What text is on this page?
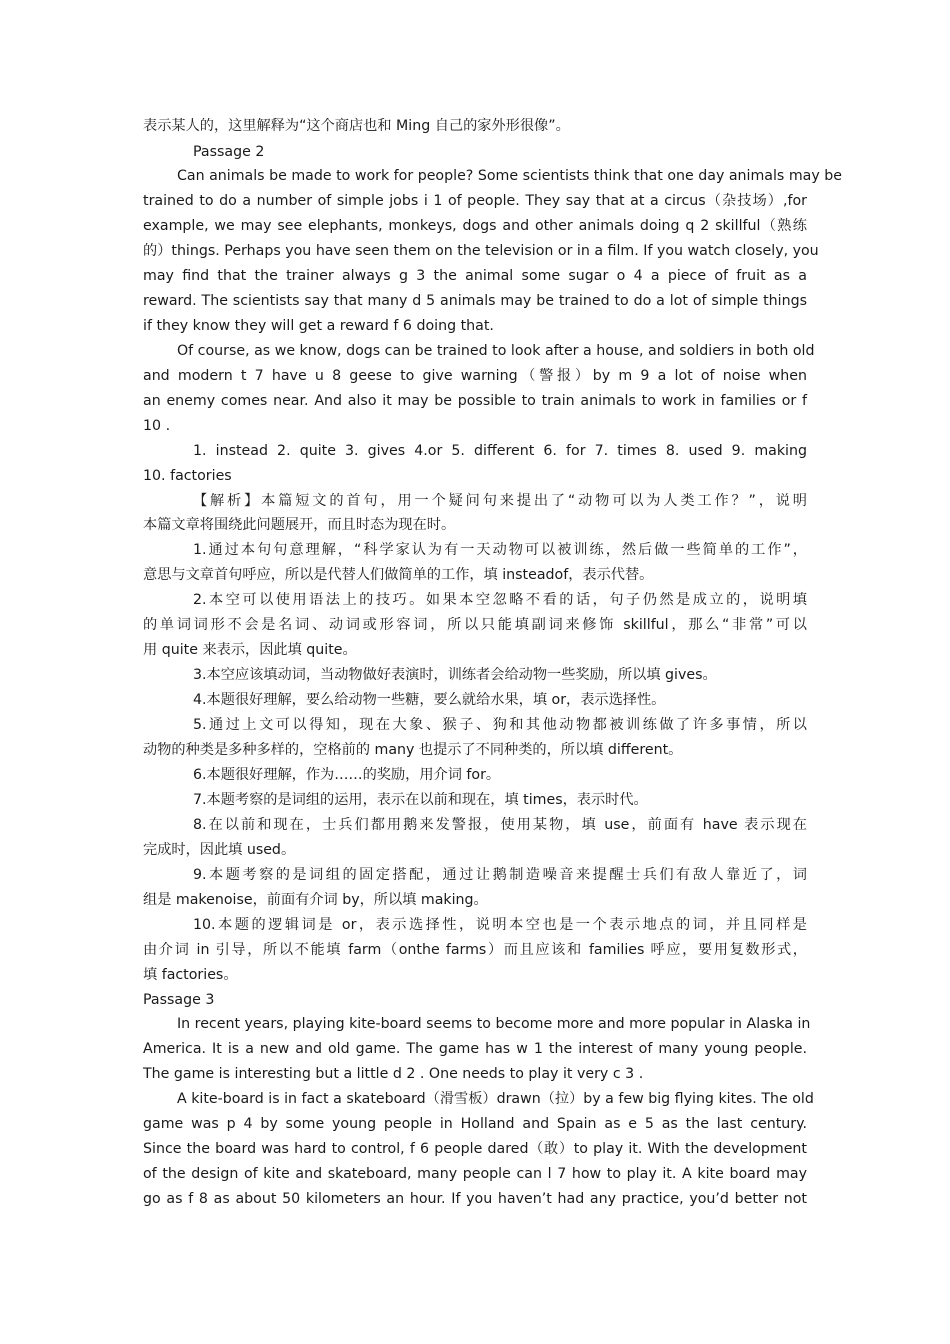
表示某人的，这里解释为“这个商店也和 Ming 自己的家外形很像”。
Passage 2
Can animals be made to work for people? Some scientists think that one day animals may be
trained to do a number of simple jobs i 1 of people. They say that at a circus（杂技场）,for
example, we may see elephants, monkeys, dogs and other animals doing q 2 skillful（熟练
的）things. Perhaps you have seen them on the television or in a film. If you watch closely, you
may find that the trainer always g 3 the animal some sugar o 4 a piece of fruit as a
reward. The scientists say that many d 5 animals may be trained to do a lot of simple things
if they know they will get a reward f 6 doing that.
Of course, as we know, dogs can be trained to look after a house, and soldiers in both old
and modern t 7 have u 8 geese to give warning（警报）by m 9 a lot of noise when
an enemy comes near. And also it may be possible to train animals to work in families or f
10 .
1. instead 2. quite 3. gives 4.or 5. different 6. for 7. times 8. used 9. making
10. factories
【解析】本篇短文的首句，用一个疑问句来提出了“动物可以为人类工作？”，说明
本篇文章将围绕此问题展开，而且时态为现在时。
1.通过本句句意理解，“科学家认为有一天动物可以被训练，然后做一些简单的工作”，
意思与文章首句呼应，所以是代替人们做简单的工作，填 insteadof，表示代替。
2.本空可以使用语法上的技巧。如果本空忽略不看的话，句子仍然是成立的，说明填
的单词词形不会是名词、动词或形容词，所以只能填副词来修饰 skillful，那么“非常”可以
用 quite 来表示，因此填 quite。
3.本空应该填动词，当动物做好表演时，训练者会给动物一些奖励，所以填 gives。
4.本题很好理解，要么给动物一些糖，要么就给水果，填 or，表示选择性。
5.通过上文可以得知，现在大象、猴子、狗和其他动物都被训练做了许多事情，所以
动物的种类是多种多样的，空格前的 many 也提示了不同种类的，所以填 different。
6.本题很好理解，作为……的奖励，用介词 for。
7.本题考察的是词组的运用，表示在以前和现在，填 times，表示时代。
8.在以前和现在，士兵们都用鹅来发警报，使用某物，填 use，前面有 have 表示现在
完成时，因此填 used。
9.本题考察的是词组的固定搭配，通过让鹅制造噪音来提醒士兵们有敌人靠近了，词
组是 makenoise，前面有介词 by，所以填 making。
10.本题的逻辑词是 or，表示选择性，说明本空也是一个表示地点的词，并且同样是
由介词 in 引导，所以不能填 farm（onthe farms）而且应该和 families 呼应，要用复数形式，
填 factories。
Passage 3
In recent years, playing kite-board seems to become more and more popular in Alaska in
America. It is a new and old game. The game has w 1 the interest of many young people.
The game is interesting but a little d 2 . One needs to play it very c 3 .
A kite-board is in fact a skateboard（滑雪板）drawn（拉）by a few big flying kites. The old
game was p 4 by some young people in Holland and Spain as e 5 as the last century.
Since the board was hard to control, f 6 people dared（敢）to play it. With the development
of the design of kite and skateboard, many people can l 7 how to play it. A kite board may
go as f 8 as about 50 kilometers an hour. If you haven’t had any practice, you’d better not
